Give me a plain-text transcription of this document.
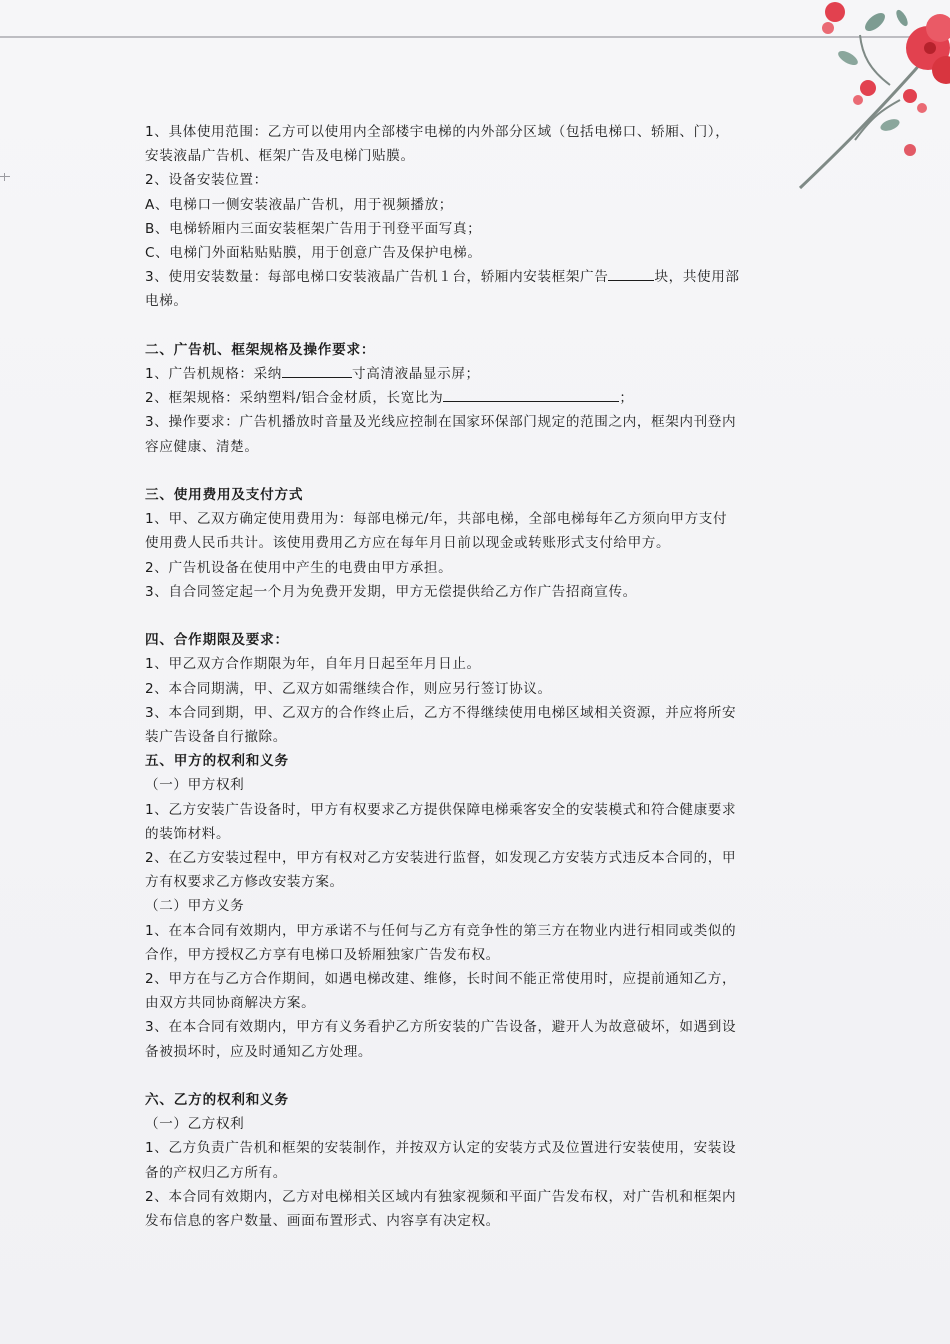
1、具体使用范围：乙方可以使用内全部楼宇电梯的内外部分区域（包括电梯口、轿厢、门），
安装液晶广告机、框架广告及电梯门贴膜。
2、设备安装位置：
A、电梯口一侧安装液晶广告机，用于视频播放；
B、电梯轿厢内三面安装框架广告用于刊登平面写真；
C、电梯门外面粘贴贴膜，用于创意广告及保护电梯。
3、使用安装数量：每部电梯口安装液晶广告机１台，轿厢内安装框架广告	块，共使用部
电梯。
二、广告机、框架规格及操作要求：
1、广告机规格：采纳	寸高清液晶显示屏；
2、框架规格：采纳塑料/铝合金材质，长宽比为	；
3、操作要求：广告机播放时音量及光线应控制在国家环保部门规定的范围之内，框架内刊登内
容应健康、清楚。
三、使用费用及支付方式
1、甲、乙双方确定使用费用为：每部电梯元/年，共部电梯，全部电梯每年乙方须向甲方支付
使用费人民币共计。该使用费用乙方应在每年月日前以现金或转账形式支付给甲方。
2、广告机设备在使用中产生的电费由甲方承担。
3、自合同签定起一个月为免费开发期，甲方无偿提供给乙方作广告招商宣传。
四、合作期限及要求：
1、甲乙双方合作期限为年，自年月日起至年月日止。
2、本合同期满，甲、乙双方如需继续合作，则应另行签订协议。
3、本合同到期，甲、乙双方的合作终止后，乙方不得继续使用电梯区域相关资源，并应将所安
装广告设备自行撤除。
五、甲方的权利和义务
（一）甲方权利
1、乙方安装广告设备时，甲方有权要求乙方提供保障电梯乘客安全的安装模式和符合健康要求
的装饰材料。
2、在乙方安装过程中，甲方有权对乙方安装进行监督，如发现乙方安装方式违反本合同的，甲
方有权要求乙方修改安装方案。
（二）甲方义务
1、在本合同有效期内，甲方承诺不与任何与乙方有竞争性的第三方在物业内进行相同或类似的
合作，甲方授权乙方享有电梯口及轿厢独家广告发布权。
2、甲方在与乙方合作期间，如遇电梯改建、维修，长时间不能正常使用时，应提前通知乙方，
由双方共同协商解决方案。
3、在本合同有效期内，甲方有义务看护乙方所安装的广告设备，避开人为故意破坏，如遇到设
备被损坏时，应及时通知乙方处理。
六、乙方的权利和义务
（一）乙方权利
1、乙方负责广告机和框架的安装制作，并按双方认定的安装方式及位置进行安装使用，安装设
备的产权归乙方所有。
2、本合同有效期内，乙方对电梯相关区域内有独家视频和平面广告发布权，对广告机和框架内
发布信息的客户数量、画面布置形式、内容享有决定权。
